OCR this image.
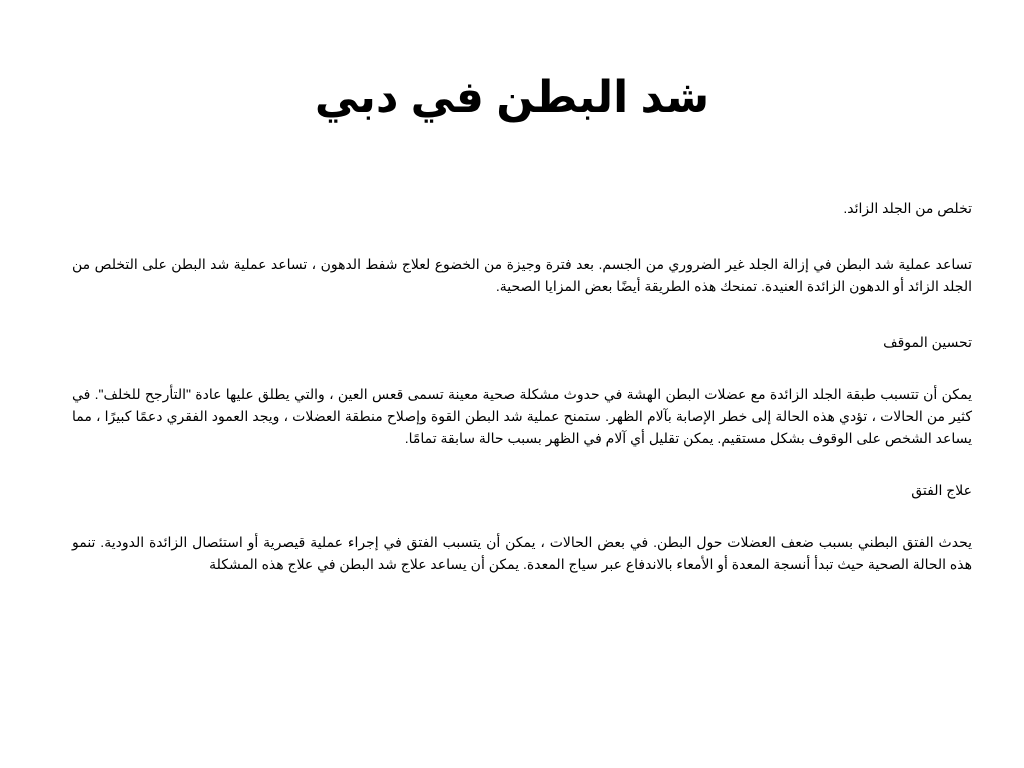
شد البطن في دبي

تخلص من الجلد الزائد.

تساعد عملية شد البطن في إزالة الجلد غير الضروري من الجسم. بعد فترة وجيزة من الخضوع لعلاج شفط الدهون ، تساعد عملية شد البطن على التخلص من الجلد الزائد أو الدهون الزائدة العنيدة. تمنحك هذه الطريقة أيضًا بعض المزايا الصحية.

تحسين الموقف

يمكن أن تتسبب طبقة الجلد الزائدة مع عضلات البطن الهشة في حدوث مشكلة صحية معينة تسمى قعس العين ، والتي يطلق عليها عادة "التأرجح للخلف". في كثير من الحالات ، تؤدي هذه الحالة إلى خطر الإصابة بآلام الظهر. ستمنح عملية شد البطن القوة وإصلاح منطقة العضلات ، ويجد العمود الفقري دعمًا كبيرًا ، مما يساعد الشخص على الوقوف بشكل مستقيم. يمكن تقليل أي آلام في الظهر بسبب حالة سابقة تمامًا.

علاج الفتق

يحدث الفتق البطني بسبب ضعف العضلات حول البطن. في بعض الحالات ، يمكن أن يتسبب الفتق في إجراء عملية قيصرية أو استئصال الزائدة الدودية. تنمو هذه الحالة الصحية حيث تبدأ أنسجة المعدة أو الأمعاء بالاندفاع عبر سياج المعدة. يمكن أن يساعد علاج شد البطن في علاج هذه المشكلة
